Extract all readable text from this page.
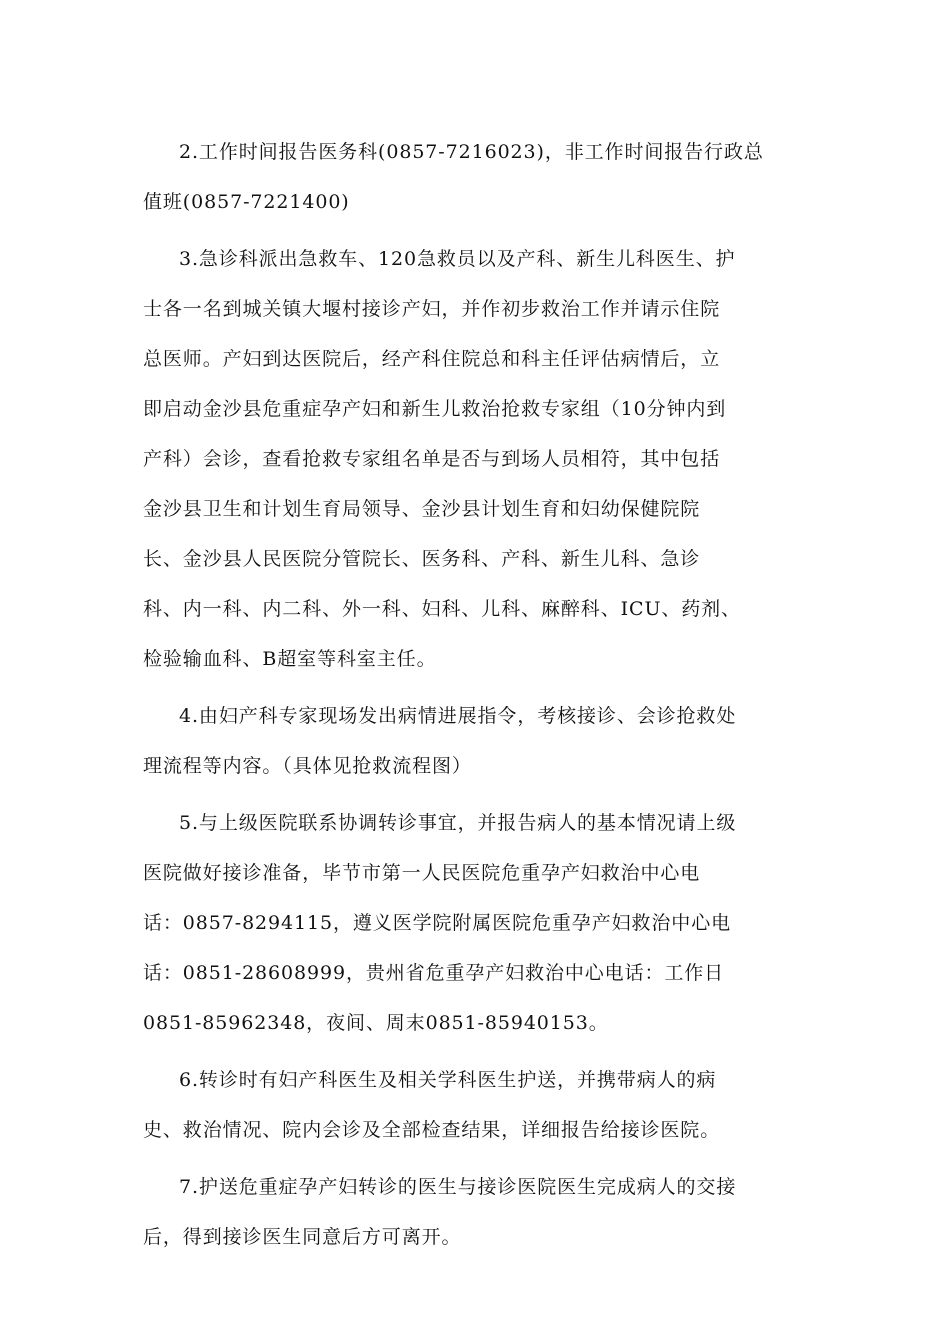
2.工作时间报告医务科(0857-7216023)，非工作时间报告行政总
值班(0857-7221400)
3.急诊科派出急救车、120急救员以及产科、新生儿科医生、护
士各一名到城关镇大堰村接诊产妇，并作初步救治工作并请示住院
总医师。产妇到达医院后，经产科住院总和科主任评估病情后，立
即启动金沙县危重症孕产妇和新生儿救治抢救专家组（10分钟内到
产科）会诊，查看抢救专家组名单是否与到场人员相符，其中包括
金沙县卫生和计划生育局领导、金沙县计划生育和妇幼保健院院
长、金沙县人民医院分管院长、医务科、产科、新生儿科、急诊
科、内一科、内二科、外一科、妇科、儿科、麻醉科、ICU、药剂、
检验输血科、B超室等科室主任。
4.由妇产科专家现场发出病情进展指令，考核接诊、会诊抢救处
理流程等内容。（具体见抢救流程图）
5.与上级医院联系协调转诊事宜，并报告病人的基本情况请上级
医院做好接诊准备，毕节市第一人民医院危重孕产妇救治中心电
话：0857-8294115，遵义医学院附属医院危重孕产妇救治中心电
话：0851-28608999，贵州省危重孕产妇救治中心电话：工作日
0851-85962348，夜间、周末0851-85940153。
6.转诊时有妇产科医生及相关学科医生护送，并携带病人的病
史、救治情况、院内会诊及全部检查结果，详细报告给接诊医院。
7.护送危重症孕产妇转诊的医生与接诊医院医生完成病人的交接
后，得到接诊医生同意后方可离开。
